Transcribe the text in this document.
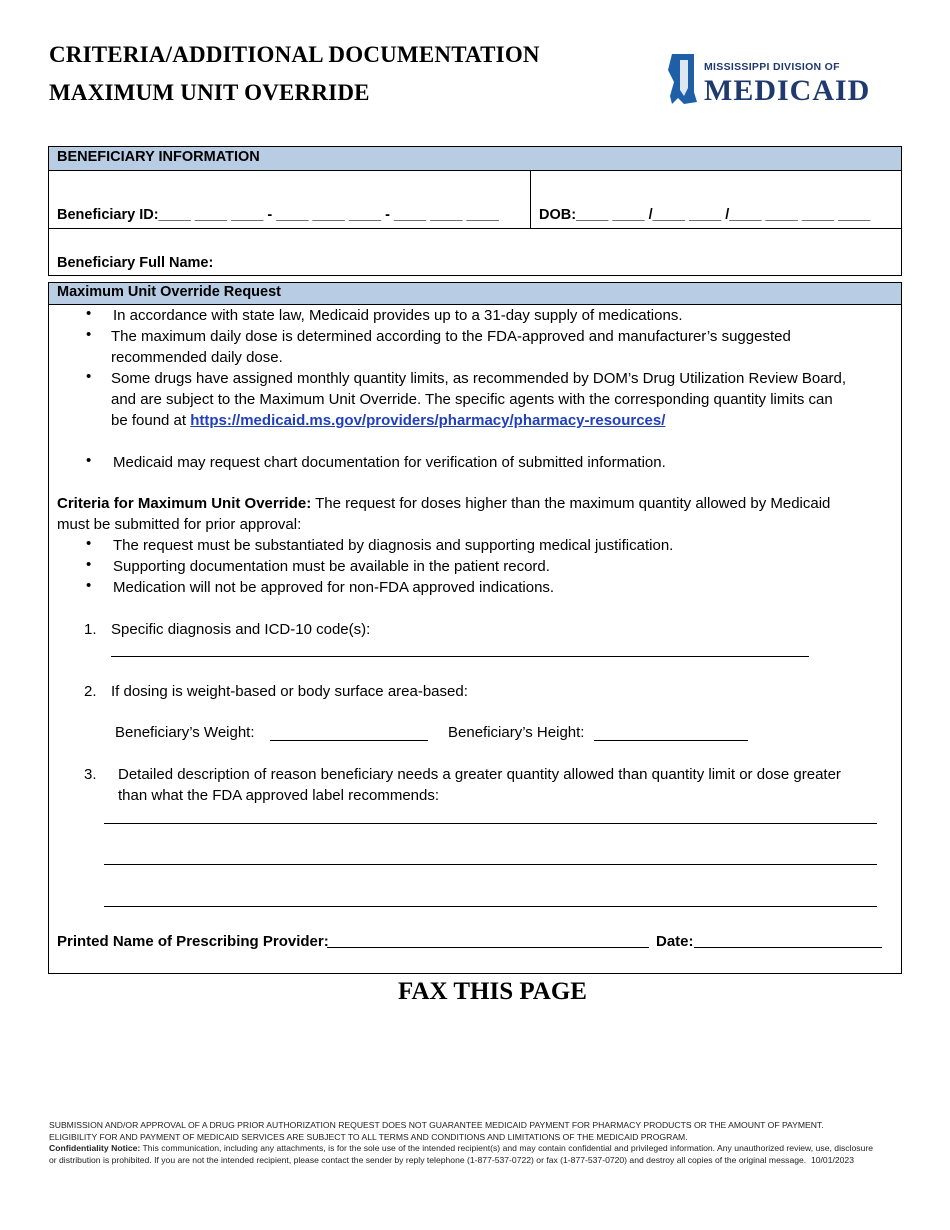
CRITERIA/ADDITIONAL DOCUMENTATION
MAXIMUM UNIT OVERRIDE
MISSISSIPPI DIVISION OF
MEDICAID
BENEFICIARY INFORMATION
Beneficiary ID:____ ____ ____ - ____ ____ ____ - ____ ____ ____	DOB:____ ____ /____ ____ /____ ____ ____ ____
Beneficiary Full Name:
Maximum Unit Override Request
• In accordance with state law, Medicaid provides up to a 31-day supply of medications.
• The maximum daily dose is determined according to the FDA-approved and manufacturer’s suggested
recommended daily dose.
• Some drugs have assigned monthly quantity limits, as recommended by DOM’s Drug Utilization Review Board,
and are subject to the Maximum Unit Override. The specific agents with the corresponding quantity limits can
be found at https://medicaid.ms.gov/providers/pharmacy/pharmacy-resources/
• Medicaid may request chart documentation for verification of submitted information.
Criteria for Maximum Unit Override: The request for doses higher than the maximum quantity allowed by Medicaid
must be submitted for prior approval:
• The request must be substantiated by diagnosis and supporting medical justification.
• Supporting documentation must be available in the patient record.
• Medication will not be approved for non-FDA approved indications.
1. Specific diagnosis and ICD-10 code(s):
2. If dosing is weight-based or body surface area-based:
Beneficiary’s Weight:	Beneficiary’s Height:
3. Detailed description of reason beneficiary needs a greater quantity allowed than quantity limit or dose greater
than what the FDA approved label recommends:
Printed Name of Prescribing Provider:	Date:
FAX THIS PAGE
SUBMISSION AND/OR APPROVAL OF A DRUG PRIOR AUTHORIZATION REQUEST DOES NOT GUARANTEE MEDICAID PAYMENT FOR PHARMACY PRODUCTS OR THE AMOUNT OF PAYMENT.
ELIGIBILITY FOR AND PAYMENT OF MEDICAID SERVICES ARE SUBJECT TO ALL TERMS AND CONDITIONS AND LIMITATIONS OF THE MEDICAID PROGRAM.
Confidentiality Notice: This communication, including any attachments, is for the sole use of the intended recipient(s) and may contain confidential and privileged information. Any unauthorized review, use, disclosure or distribution is prohibited. If you are not the intended recipient, please contact the sender by reply telephone (1-877-537-0722) or fax (1-877-537-0720) and destroy all copies of the original message. 10/01/2023
